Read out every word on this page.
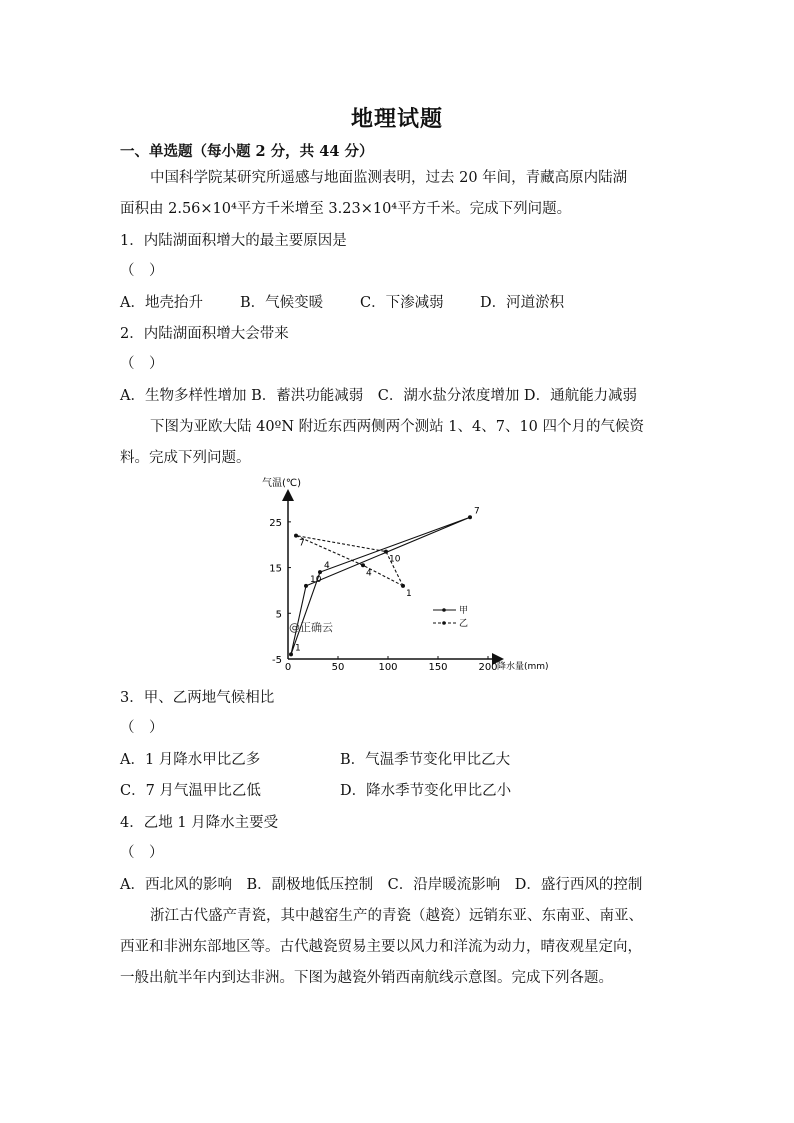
地理试题
一、单选题（每小题 2 分，共 44 分）
中国科学院某研究所遥感与地面监测表明，过去 20 年间，青藏高原内陆湖
面积由 2.56×10⁴平方千米增至 3.23×10⁴平方千米。完成下列问题。
1．内陆湖面积增大的最主要原因是
（　）
A．地壳抬升	B．气候变暖	C．下渗减弱	D．河道淤积
2．内陆湖面积增大会带来
（　）
A．生物多样性增加 B．蓄洪功能减弱　C．湖水盐分浓度增加 D．通航能力减弱
下图为亚欧大陆 40ºN 附近东西两侧两个测站 1、4、7、10 四个月的气候资
料。完成下列问题。
气温(℃)
降水量(mm)
0	50	100	150	200
-5
5
15
25
1
4
7
10
1
4
7
10
甲
乙
@正确云
3．甲、乙两地气候相比
（　）
A．1 月降水甲比乙多	B．气温季节变化甲比乙大
C．7 月气温甲比乙低	D．降水季节变化甲比乙小
4．乙地 1 月降水主要受
（　）
A．西北风的影响　B．副极地低压控制　C．沿岸暖流影响　D．盛行西风的控制
浙江古代盛产青瓷，其中越窑生产的青瓷（越瓷）远销东亚、东南亚、南亚、
西亚和非洲东部地区等。古代越瓷贸易主要以风力和洋流为动力，晴夜观星定向，
一般出航半年内到达非洲。下图为越瓷外销西南航线示意图。完成下列各题。
